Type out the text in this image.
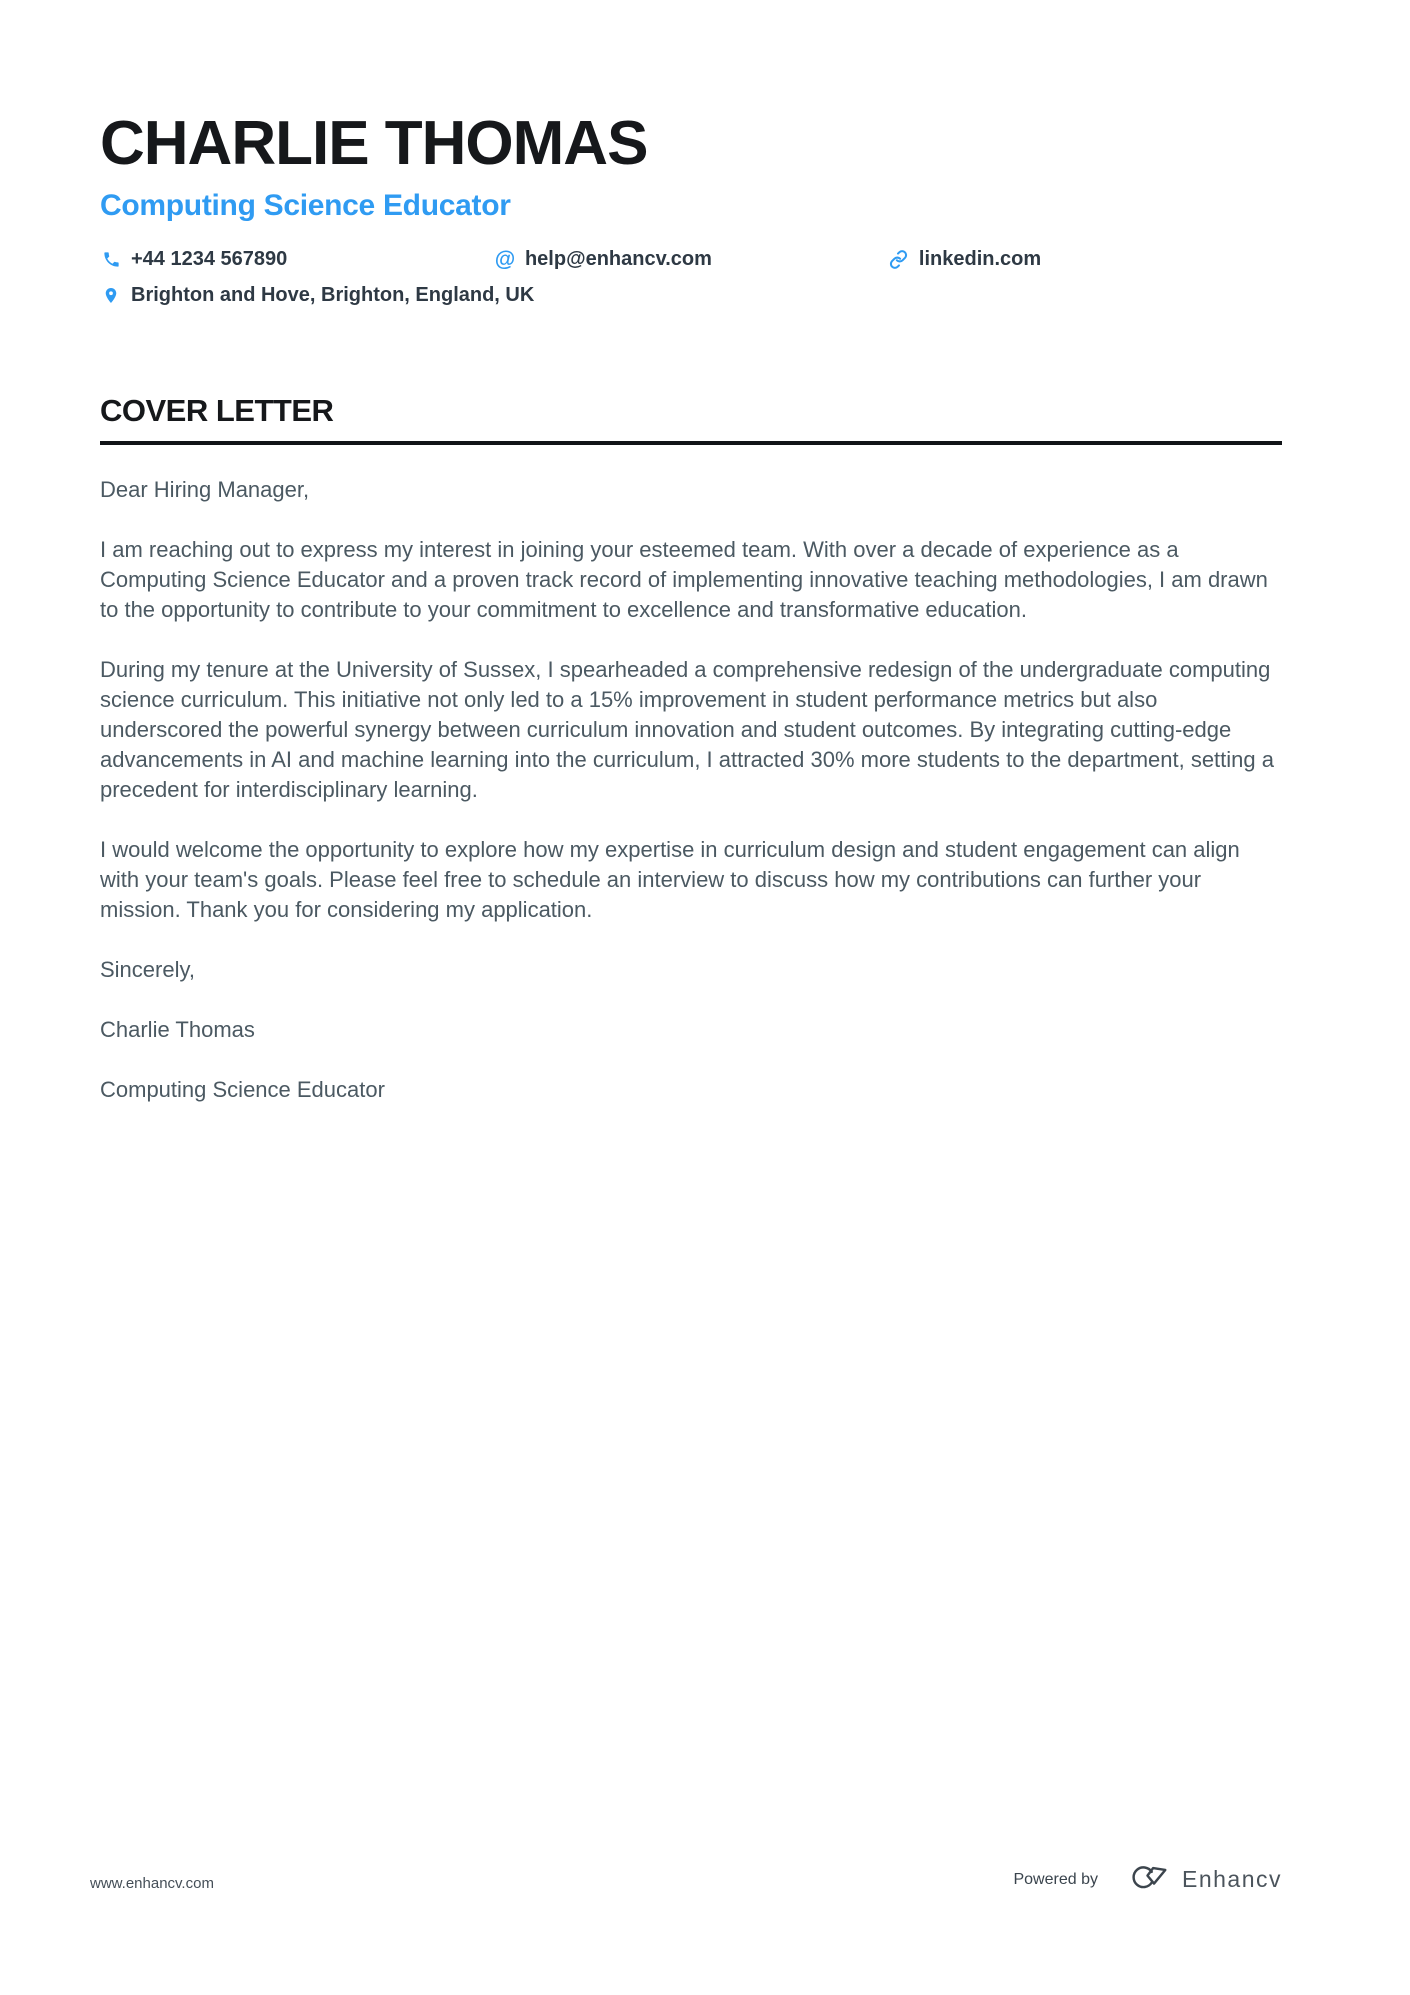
CHARLIE THOMAS
Computing Science Educator
+44 1234 567890	@ help@enhancv.com	linkedin.com
Brighton and Hove, Brighton, England, UK
COVER LETTER

Dear Hiring Manager,

I am reaching out to express my interest in joining your esteemed team. With over a decade of experience as a Computing Science Educator and a proven track record of implementing innovative teaching methodologies, I am drawn to the opportunity to contribute to your commitment to excellence and transformative education.

During my tenure at the University of Sussex, I spearheaded a comprehensive redesign of the undergraduate computing science curriculum. This initiative not only led to a 15% improvement in student performance metrics but also underscored the powerful synergy between curriculum innovation and student outcomes. By integrating cutting-edge advancements in AI and machine learning into the curriculum, I attracted 30% more students to the department, setting a precedent for interdisciplinary learning.

I would welcome the opportunity to explore how my expertise in curriculum design and student engagement can align with your team's goals. Please feel free to schedule an interview to discuss how my contributions can further your mission. Thank you for considering my application.

Sincerely,

Charlie Thomas

Computing Science Educator

www.enhancv.com	Powered by	Enhancv
